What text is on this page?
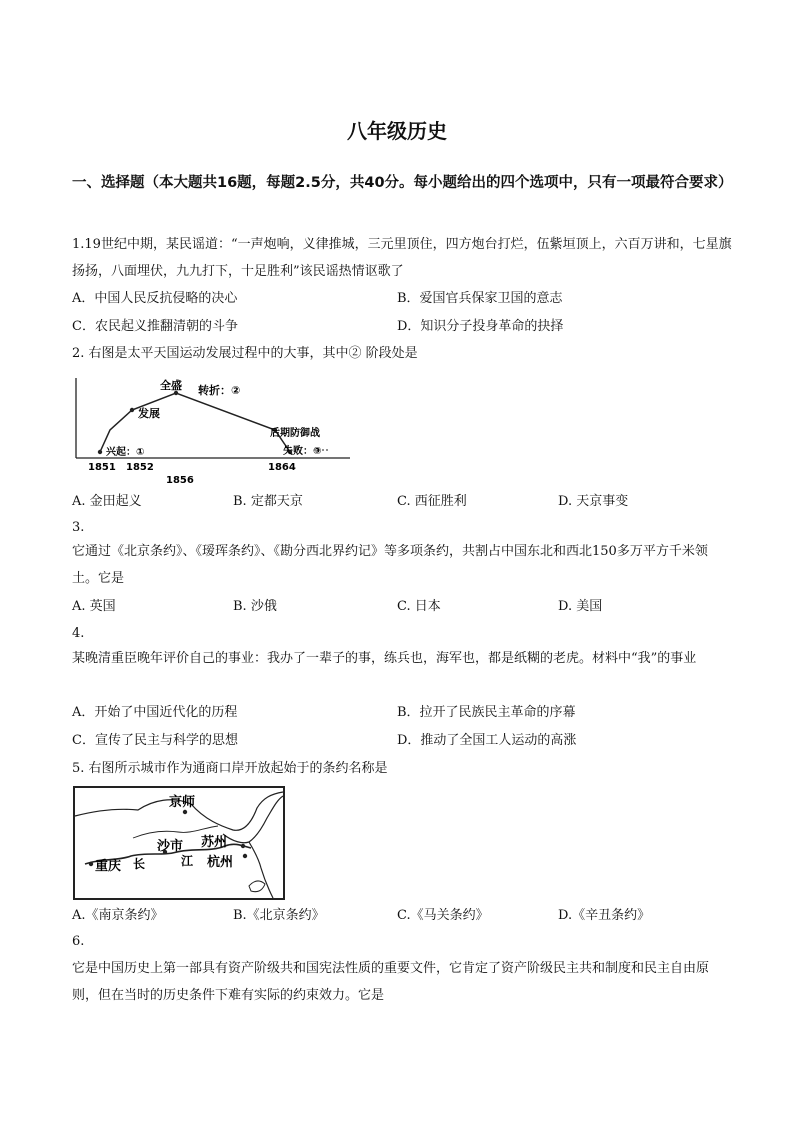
八年级历史
一、选择题（本大题共16题，每题2.5分，共40分。每小题给出的四个选项中，只有一项最符合要求）

1.19世纪中期，某民谣道：“一声炮响，义律推城，三元里顶住，四方炮台打烂，伍紫垣顶上，六百万讲和，七星旗扬扬，八面埋伏，九九打下，十足胜利”该民谣热情讴歌了

A．中国人民反抗侵略的决心	B．爱国官兵保家卫国的意志
C．农民起义推翻清朝的斗争	D．知识分子投身革命的抉择

2. 右图是太平天国运动发展过程中的大事，其中② 阶段处是

全盛 转折：②
发展
后期防御战
兴起：①	失败：③
1851 1852
1856
1864
A. 金田起义	B. 定都天京	C. 西征胜利	D. 天京事变
3.

它通过《北京条约》、《瑷珲条约》、《勘分西北界约记》等多项条约，共割占中国东北和西北150多万平方千米领土。它是

A. 英国	B. 沙俄	C. 日本	D. 美国
4.

某晚清重臣晚年评价自己的事业：我办了一辈子的事，练兵也，海军也，都是纸糊的老虎。材料中“我”的事业

A．开始了中国近代化的历程	B．拉开了民族民主革命的序幕
C．宣传了民主与科学的思想	D．推动了全国工人运动的高涨

5. 右图所示城市作为通商口岸开放起始于的条约名称是

京师
重庆
沙市
长	江
苏州
杭州
A.《南京条约》	B.《北京条约》	C.《马关条约》	D.《辛丑条约》
6.

它是中国历史上第一部具有资产阶级共和国宪法性质的重要文件，它肯定了资产阶级民主共和制度和民主自由原则，但在当时的历史条件下难有实际的约束效力。它是
